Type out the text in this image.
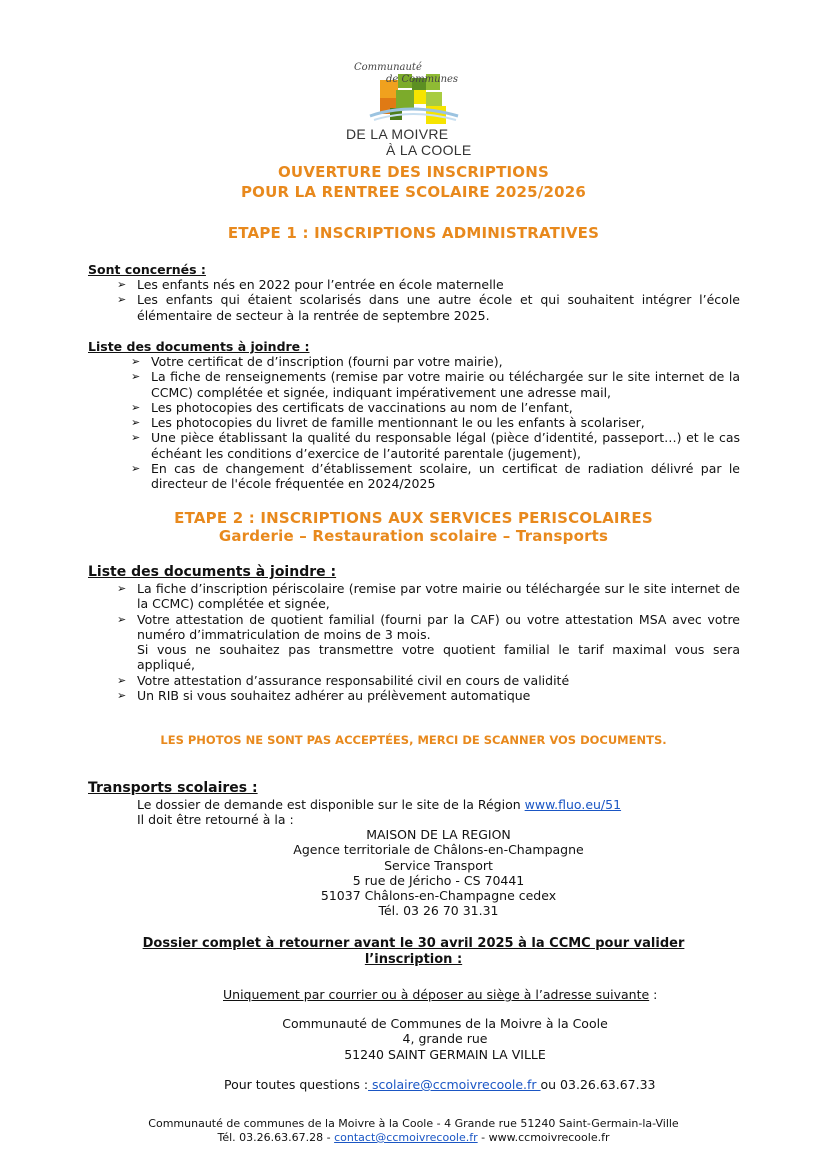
Communauté
de Communes
DE LA MOIVRE
À LA COOLE
OUVERTURE DES INSCRIPTIONS
POUR LA RENTREE SCOLAIRE 2025/2026
ETAPE 1 : INSCRIPTIONS ADMINISTRATIVES
Sont concernés :
➢ Les enfants nés en 2022 pour l’entrée en école maternelle
➢ Les enfants qui étaient scolarisés dans une autre école et qui souhaitent intégrer l’école élémentaire de secteur à la rentrée de septembre 2025.
Liste des documents à joindre :
➢ Votre certificat de d’inscription (fourni par votre mairie),
➢ La fiche de renseignements (remise par votre mairie ou téléchargée sur le site internet de la CCMC) complétée et signée, indiquant impérativement une adresse mail,
➢ Les photocopies des certificats de vaccinations au nom de l’enfant,
➢ Les photocopies du livret de famille mentionnant le ou les enfants à scolariser,
➢ Une pièce établissant la qualité du responsable légal (pièce d’identité, passeport…) et le cas échéant les conditions d’exercice de l’autorité parentale (jugement),
➢ En cas de changement d’établissement scolaire, un certificat de radiation délivré par le directeur de l'école fréquentée en 2024/2025
ETAPE 2 : INSCRIPTIONS AUX SERVICES PERISCOLAIRES
Garderie – Restauration scolaire – Transports
Liste des documents à joindre :
➢ La fiche d’inscription périscolaire (remise par votre mairie ou téléchargée sur le site internet de la CCMC) complétée et signée,
➢ Votre attestation de quotient familial (fourni par la CAF) ou votre attestation MSA avec votre numéro d’immatriculation de moins de 3 mois.
Si vous ne souhaitez pas transmettre votre quotient familial le tarif maximal vous sera appliqué,
➢ Votre attestation d’assurance responsabilité civil en cours de validité
➢ Un RIB si vous souhaitez adhérer au prélèvement automatique
LES PHOTOS NE SONT PAS ACCEPTÉES, MERCI DE SCANNER VOS DOCUMENTS.
Transports scolaires :
Le dossier de demande est disponible sur le site de la Région www.fluo.eu/51
Il doit être retourné à la :
MAISON DE LA REGION
Agence territoriale de Châlons-en-Champagne
Service Transport
5 rue de Jéricho - CS 70441
51037 Châlons-en-Champagne cedex
Tél. 03 26 70 31.31
Dossier complet à retourner avant le 30 avril 2025 à la CCMC pour valider
l’inscription :
Uniquement par courrier ou à déposer au siège à l’adresse suivante :
Communauté de Communes de la Moivre à la Coole
4, grande rue
51240 SAINT GERMAIN LA VILLE
Pour toutes questions : scolaire@ccmoivrecoole.fr ou 03.26.63.67.33
Communauté de communes de la Moivre à la Coole - 4 Grande rue 51240 Saint-Germain-la-Ville
Tél. 03.26.63.67.28 - contact@ccmoivrecoole.fr - www.ccmoivrecoole.fr
